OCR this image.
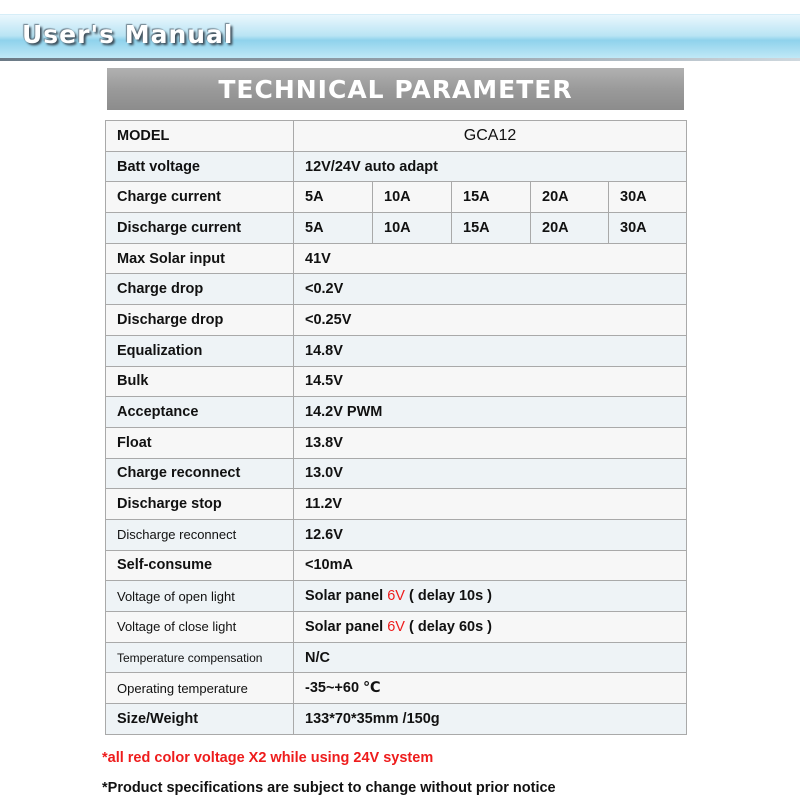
User's Manual
TECHNICAL PARAMETER
MODEL	GCA12				
Batt voltage	12V/24V auto adapt				
Charge current	5A	10A	15A	20A	30A
Discharge current	5A	10A	15A	20A	30A
Max Solar input	41V				
Charge drop	<0.2V				
Discharge drop	<0.25V				
Equalization	14.8V				
Bulk	14.5V				
Acceptance	14.2V PWM				
Float	13.8V				
Charge reconnect	13.0V				
Discharge stop	11.2V				
Discharge reconnect	12.6V				
Self-consume	<10mA				
Voltage of open light	Solar panel 6V ( delay 10s )				
Voltage of close light	Solar panel 6V ( delay 60s )				
Temperature compensation	N/C				
Operating temperature	-35~+60 ℃				
Size/Weight	133*70*35mm /150g				
*all red color voltage X2 while using 24V system
*Product specifications are subject to change without prior notice
